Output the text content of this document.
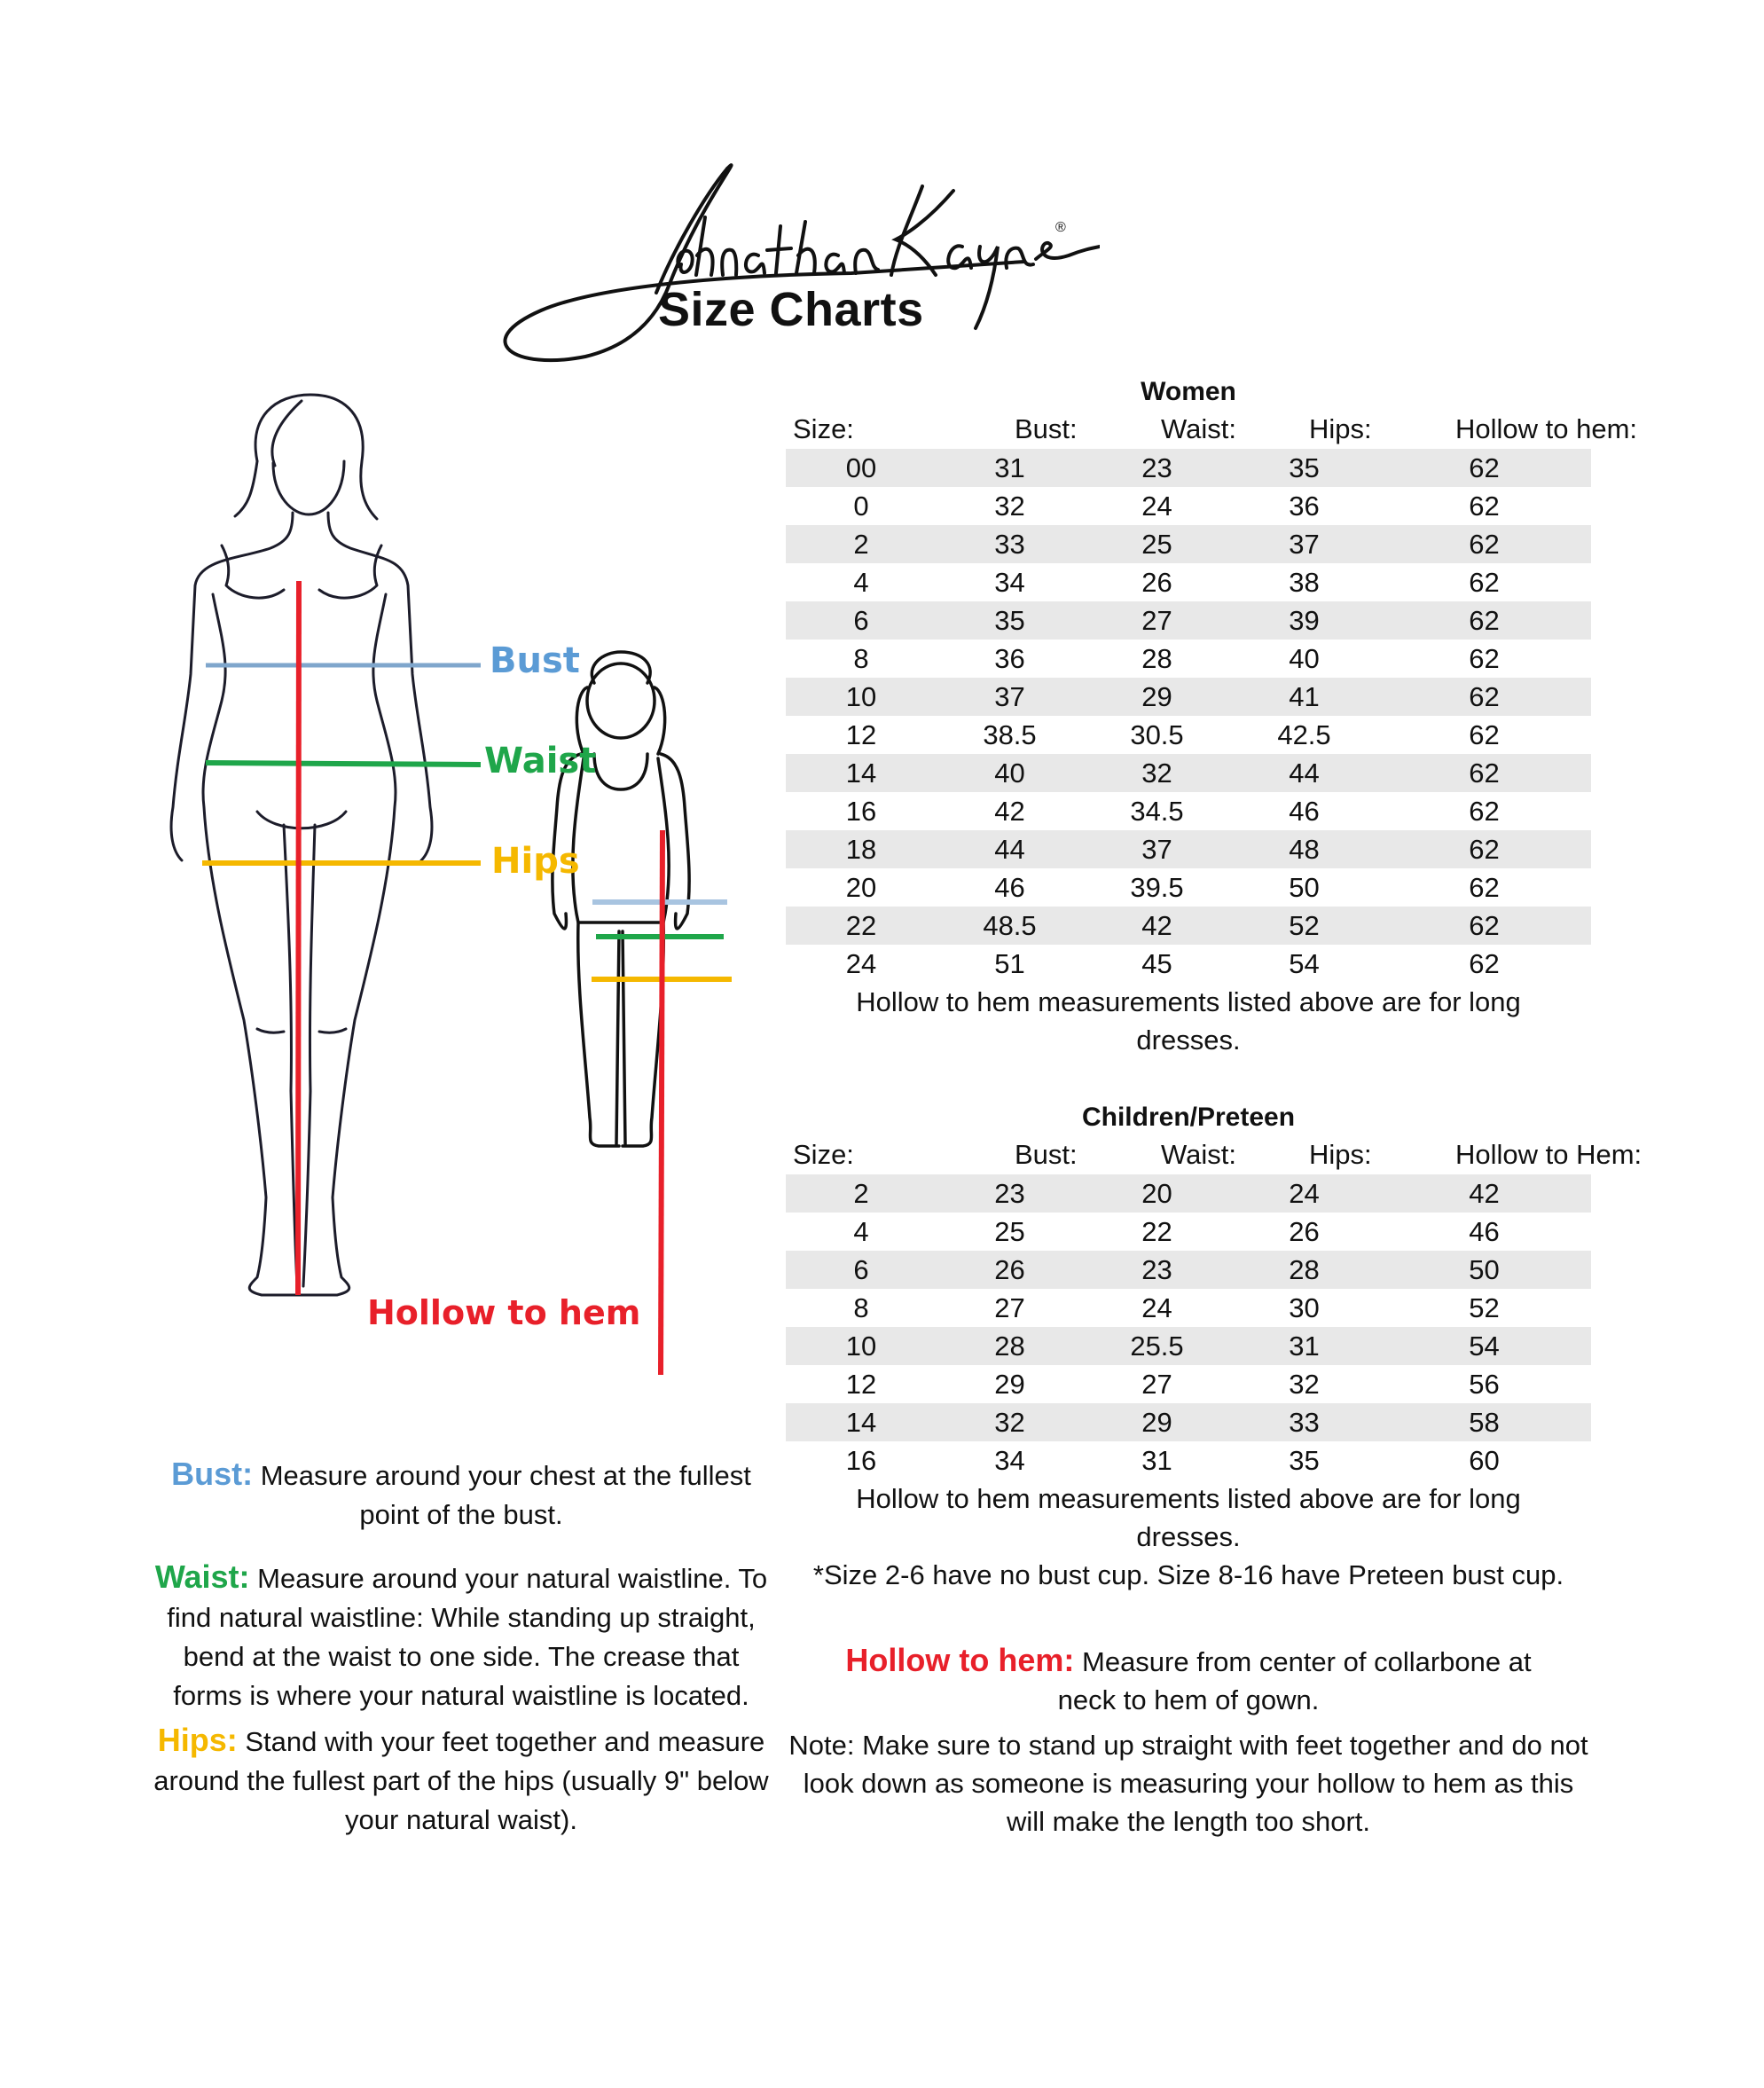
®
Size Charts
Bust
Waist
Hips
Hollow to hem
Women
Size:	Bust:	Waist:	Hips:	Hollow to hem:
00	31	23	35	62
0	32	24	36	62
2	33	25	37	62
4	34	26	38	62
6	35	27	39	62
8	36	28	40	62
10	37	29	41	62
12	38.5	30.5	42.5	62
14	40	32	44	62
16	42	34.5	46	62
18	44	37	48	62
20	46	39.5	50	62
22	48.5	42	52	62
24	51	45	54	62
Hollow to hem measurements listed above are for long dresses.
Children/Preteen
Size:	Bust:	Waist:	Hips:	Hollow to Hem:
2	23	20	24	42
4	25	22	26	46
6	26	23	28	50
8	27	24	30	52
10	28	25.5	31	54
12	29	27	32	56
14	32	29	33	58
16	34	31	35	60
Hollow to hem measurements listed above are for long dresses.
*Size 2-6 have no bust cup. Size 8-16 have Preteen bust cup.

Bust: Measure around your chest at the fullest point of the bust.

Waist: Measure around your natural waistline. To find natural waistline: While standing up straight, bend at the waist to one side. The crease that forms is where your natural waistline is located.

Hips: Stand with your feet together and measure around the fullest part of the hips (usually 9" below your natural waist).

Hollow to hem: Measure from center of collarbone at neck to hem of gown.

Note: Make sure to stand up straight with feet together and do not look down as someone is measuring your hollow to hem as this will make the length too short.
